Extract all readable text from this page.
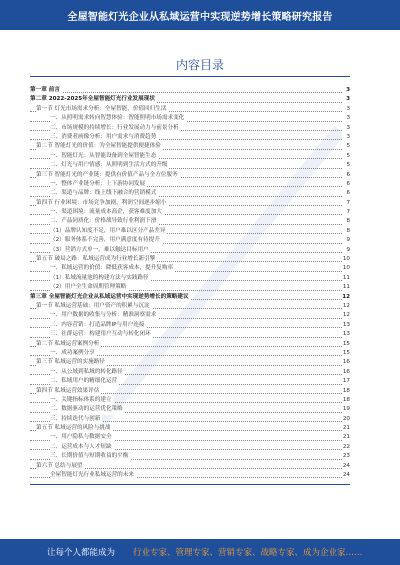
全屋智能灯光企业从私域运营中实现逆势增长策略研究报告
内容目录
第一章 前言	3
第二章 2022-2025年全屋智能灯光行业发展现状	3
第一节 灯光市场需求分析：全屋智能，价值回归生活	3
一、从照明需求转向智慧体验：智能照明市场需求变化	3
二、市场规模的持续增长：行业发展动力与前景分析	3
三、消费者画像分析：用户需求与消费趋势	3
第二节 智能灯光的价值：为全屋智能提供便捷体验	5
一、智能灯光：从智能设备到全屋智能生态	5
二、灯光与用户情感：从照明到生活方式的升级	5
第三节 智能灯光的产业链：提供有价值产品与全方位服务	6
一、整体产业链分析：上下游协同发展	6
二、渠道与品牌：线上线下融合的营销模式	6
第四节 行业困境：市场竞争加剧，利润空间逐步缩小	7
一、渠道困境：流量成本高企，获客难度加大	7
二、产品同质化：价格战导致行业利润下滑	8
（1）品牌认知度不足，用户难以区分产品差异	8
（2）服务体系不完善，用户满意度有待提升	9
（3）营销方式单一，难以触达目标用户	9
第五节 破局之路：私域运营成为行业增长新引擎	10
一、私域运营的价值：降低获客成本，提升复购率	10
（1）私域流量池的构建方法与实践路径	11
（2）用户全生命周期管理策略	11
第三章 全屋智能灯光企业从私域运营中实现逆势增长的策略建议	12
第一节 私域运营基础：用户资产的积累与沉淀	12
一、用户数据的收集与分析：精准洞察需求	12
二、内容营销：打造品牌IP与用户连接	13
三、社群运营：构建用户互动与转化闭环	13
第二节 私域运营案例分析	15
一、成功案例分享	15
第三节 私域运营的实施路径	16
一、从公域到私域的转化路径	16
二、私域用户的精细化运营	17
第四节 私域运营效果评估	18
一、关键指标体系的建立	18
二、数据驱动的运营优化策略	19
三、持续迭代与创新	20
第五节 私域运营的风险与挑战	21
一、用户隐私与数据安全	21
二、运营成本与人才短缺	22
三、长期价值与短期收益的平衡	23
第六节 总结与展望	24
全屋智能灯光行业私域运营的未来	24
让每个人都能成为 行业专家、管理专家、营销专家、战略专家、成为企业家……
